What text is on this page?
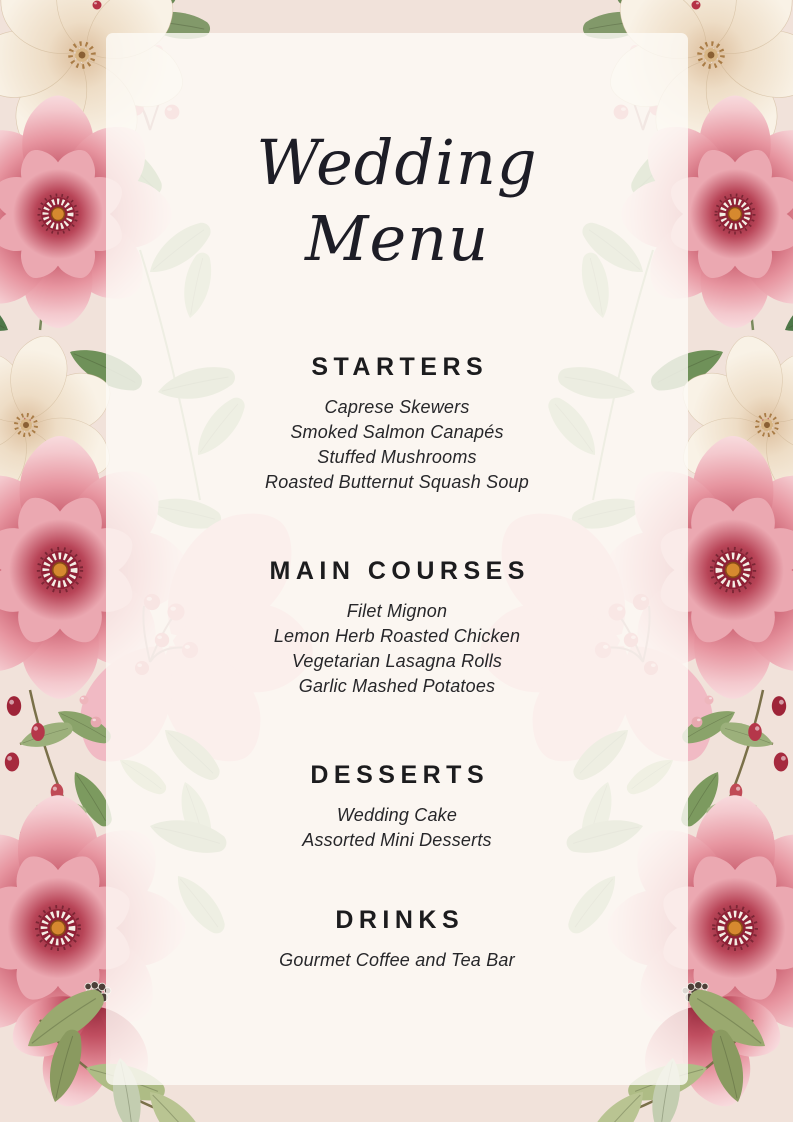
Wedding
Menu
STARTERS

Caprese Skewers

Smoked Salmon Canapés

Stuffed Mushrooms

Roasted Butternut Squash Soup

MAIN COURSES

Filet Mignon

Lemon Herb Roasted Chicken

Vegetarian Lasagna Rolls

Garlic Mashed Potatoes

DESSERTS

Wedding Cake

Assorted Mini Desserts

DRINKS

Gourmet Coffee and Tea Bar
